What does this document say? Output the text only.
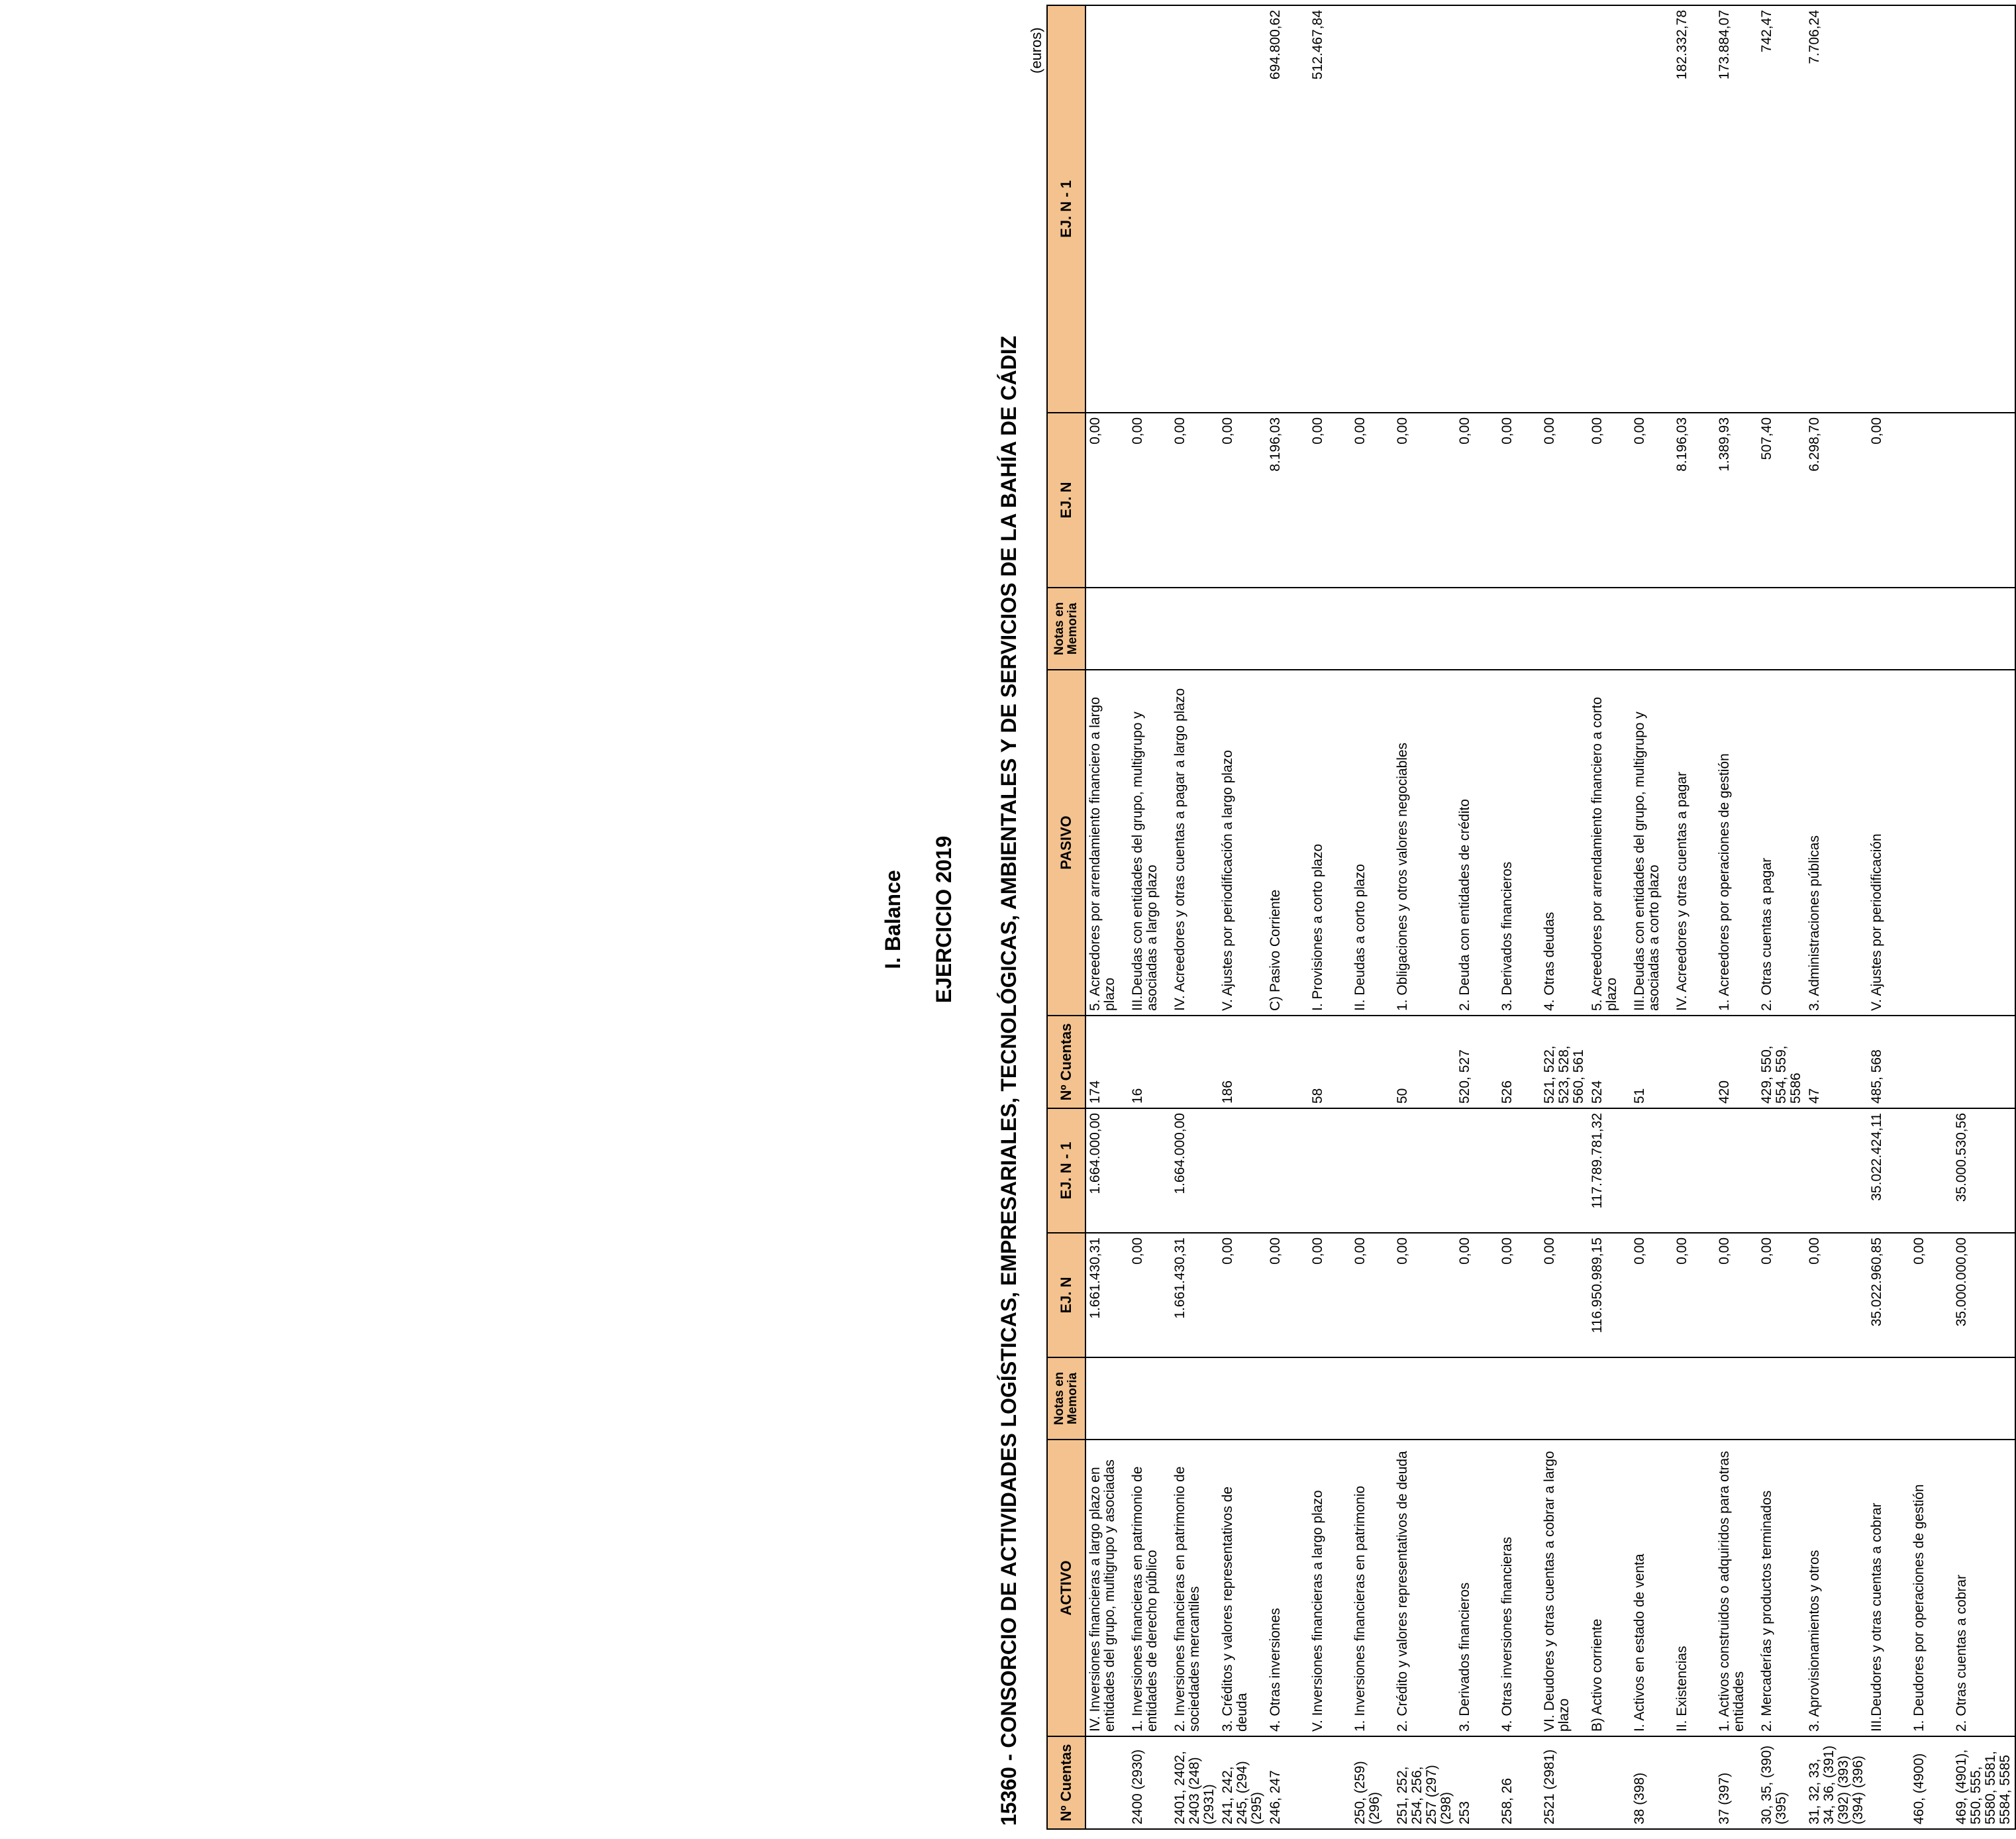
I. Balance EJERCICIO 2019 15360 - CONSORCIO DE ACTIVIDADES LOGÍSTICAS, EMPRESARIALES, TECNOLÓGICAS, AMBIENTALES Y DE SERVICIOS DE LA BAHÍA DE CÁDIZ
(euros)
Nº Cuentas	ACTIVO	Notas en Memoria	EJ. N	EJ. N - 1	Nº Cuentas	PASIVO	Notas en Memoria	EJ. N	EJ. N - 1
	IV. Inversiones financieras a largo plazo en entidades del grupo, multigrupo y asociadas		1.661.430,31	1.664.000,00	174	5. Acreedores por arrendamiento financiero a largo plazo		0,00	
2400 (2930)	1. Inversiones financieras en patrimonio de entidades de derecho público		0,00		16	III.Deudas con entidades del grupo, multigrupo y asociadas a largo plazo		0,00	
2401, 2402, 2403 (248) (2931)	2. Inversiones financieras en patrimonio de sociedades mercantiles		1.661.430,31	1.664.000,00		IV. Acreedores y otras cuentas a pagar a largo plazo		0,00	
241, 242, 245, (294) (295)	3. Créditos y valores representativos de deuda		0,00		186	V. Ajustes por periodificación a largo plazo		0,00	
246, 247	4. Otras inversiones		0,00			C) Pasivo Corriente		8.196,03	694.800,62
	V. Inversiones financieras a largo plazo		0,00		58	I. Provisiones a corto plazo		0,00	512.467,84
250, (259) (296)	1. Inversiones financieras en patrimonio		0,00			II. Deudas a corto plazo		0,00	
251, 252, 254, 256, 257 (297) (298)	2. Crédito y valores representativos de deuda		0,00		50	1. Obligaciones y otros valores negociables		0,00	
253	3. Derivados financieros		0,00		520, 527	2. Deuda con entidades de crédito		0,00	
258, 26	4. Otras inversiones financieras		0,00		526	3. Derivados financieros		0,00	
2521 (2981)	VI. Deudores y otras cuentas a cobrar a largo plazo		0,00		521, 522, 523, 528, 560, 561	4. Otras deudas		0,00	
	B) Activo corriente		116.950.989,15	117.789.781,32	524	5. Acreedores por arrendamiento financiero a corto plazo		0,00	
38 (398)	I. Activos en estado de venta		0,00		51	III.Deudas con entidades del grupo, multigrupo y asociadas a corto plazo		0,00	
	II. Existencias		0,00			IV. Acreedores y otras cuentas a pagar		8.196,03	182.332,78
37 (397)	1. Activos construidos o adquiridos para otras entidades		0,00		420	1. Acreedores por operaciones de gestión		1.389,93	173.884,07
30, 35, (390) (395)	2. Mercaderías y productos terminados		0,00		429, 550, 554, 559, 5586	2. Otras cuentas a pagar		507,40	742,47
31, 32, 33, 34, 36, (391) (392) (393) (394) (396)	3. Aprovisionamientos y otros		0,00		47	3. Administraciones públicas		6.298,70	7.706,24
	III.Deudores y otras cuentas a cobrar		35.022.960,85	35.022.424,11	485, 568	V. Ajustes por periodificación		0,00	
460, (4900)	1. Deudores por operaciones de gestión		0,00						
469, (4901), 550, 555, 5580, 5581, 5584, 5585	2. Otras cuentas a cobrar		35.000.000,00	35.000.530,56					
